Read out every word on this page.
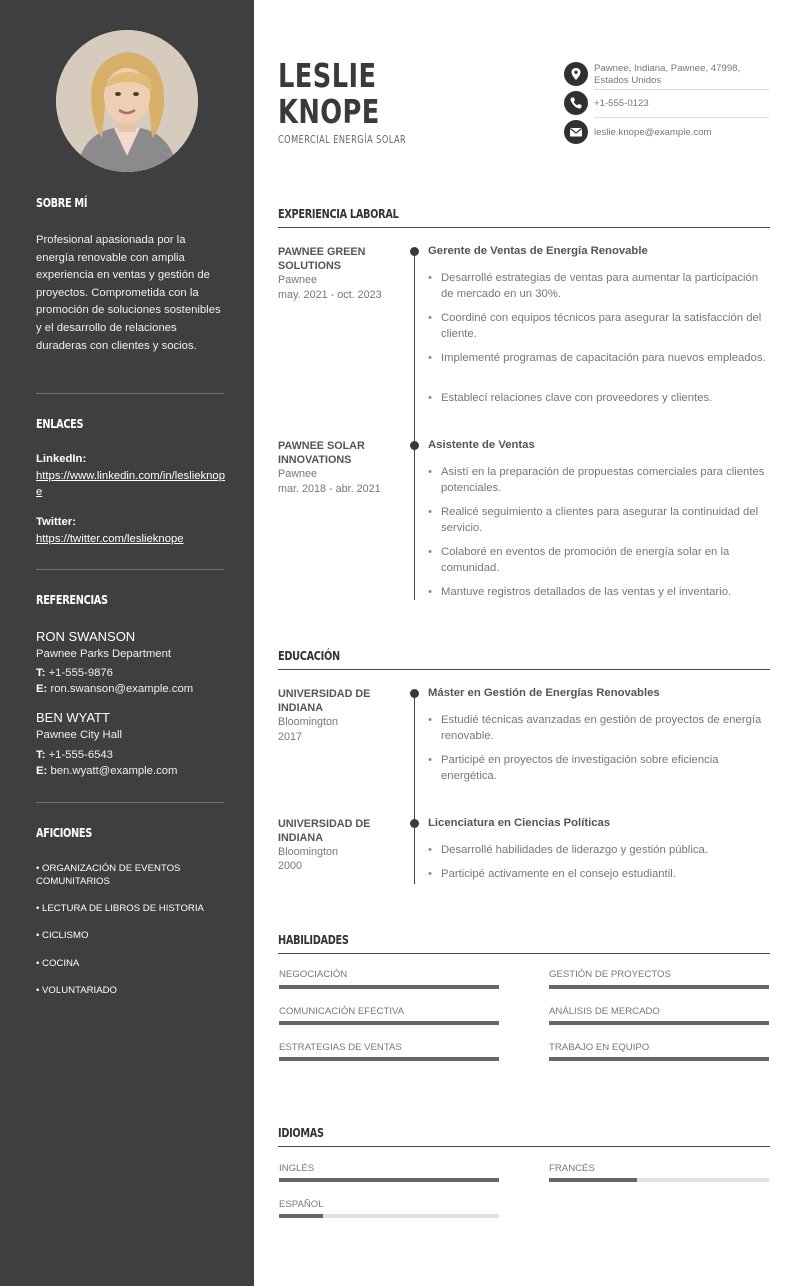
SOBRE MÍ
Profesional apasionada por la energía renovable con amplia experiencia en ventas y gestión de proyectos. Comprometida con la promoción de soluciones sostenibles y el desarrollo de relaciones duraderas con clientes y socios.
ENLACES
LinkedIn:
https://www.linkedin.com/in/leslieknope
Twitter:
https://twitter.com/leslieknope
REFERENCIAS
RON SWANSON
Pawnee Parks Department
T: +1-555-9876
E: ron.swanson@example.com
BEN WYATT
Pawnee City Hall
T: +1-555-6543
E: ben.wyatt@example.com
AFICIONES
• ORGANIZACIÓN DE EVENTOS COMUNITARIOS
• LECTURA DE LIBROS DE HISTORIA
• CICLISMO
• COCINA
• VOLUNTARIADO
LESLIE
KNOPE
COMERCIAL ENERGÍA SOLAR
Pawnee, Indiana, Pawnee, 47998, Estados Unidos
+1-555-0123
leslie.knope@example.com
EXPERIENCIA LABORAL
PAWNEE GREEN SOLUTIONS
Pawnee
may. 2021 - oct. 2023
Gerente de Ventas de Energía Renovable
• Desarrollé estrategias de ventas para aumentar la participación de mercado en un 30%.
• Coordiné con equipos técnicos para asegurar la satisfacción del cliente.
• Implementé programas de capacitación para nuevos empleados.
• Establecí relaciones clave con proveedores y clientes.
PAWNEE SOLAR INNOVATIONS
Pawnee
mar. 2018 - abr. 2021
Asistente de Ventas
• Asistí en la preparación de propuestas comerciales para clientes potenciales.
• Realicé seguimiento a clientes para asegurar la continuidad del servicio.
• Colaboré en eventos de promoción de energía solar en la comunidad.
• Mantuve registros detallados de las ventas y el inventario.
EDUCACIÓN
UNIVERSIDAD DE INDIANA
Bloomington
2017
Máster en Gestión de Energías Renovables
• Estudié técnicas avanzadas en gestión de proyectos de energía renovable.
• Participé en proyectos de investigación sobre eficiencia energética.
UNIVERSIDAD DE INDIANA
Bloomington
2000
Licenciatura en Ciencias Políticas
• Desarrollé habilidades de liderazgo y gestión pública.
• Participé activamente en el consejo estudiantil.
HABILIDADES
NEGOCIACIÓN	GESTIÓN DE PROYECTOS
COMUNICACIÓN EFECTIVA	ANÁLISIS DE MERCADO
ESTRATEGIAS DE VENTAS	TRABAJO EN EQUIPO
IDIOMAS
INGLÉS	FRANCÉS
ESPAÑOL
